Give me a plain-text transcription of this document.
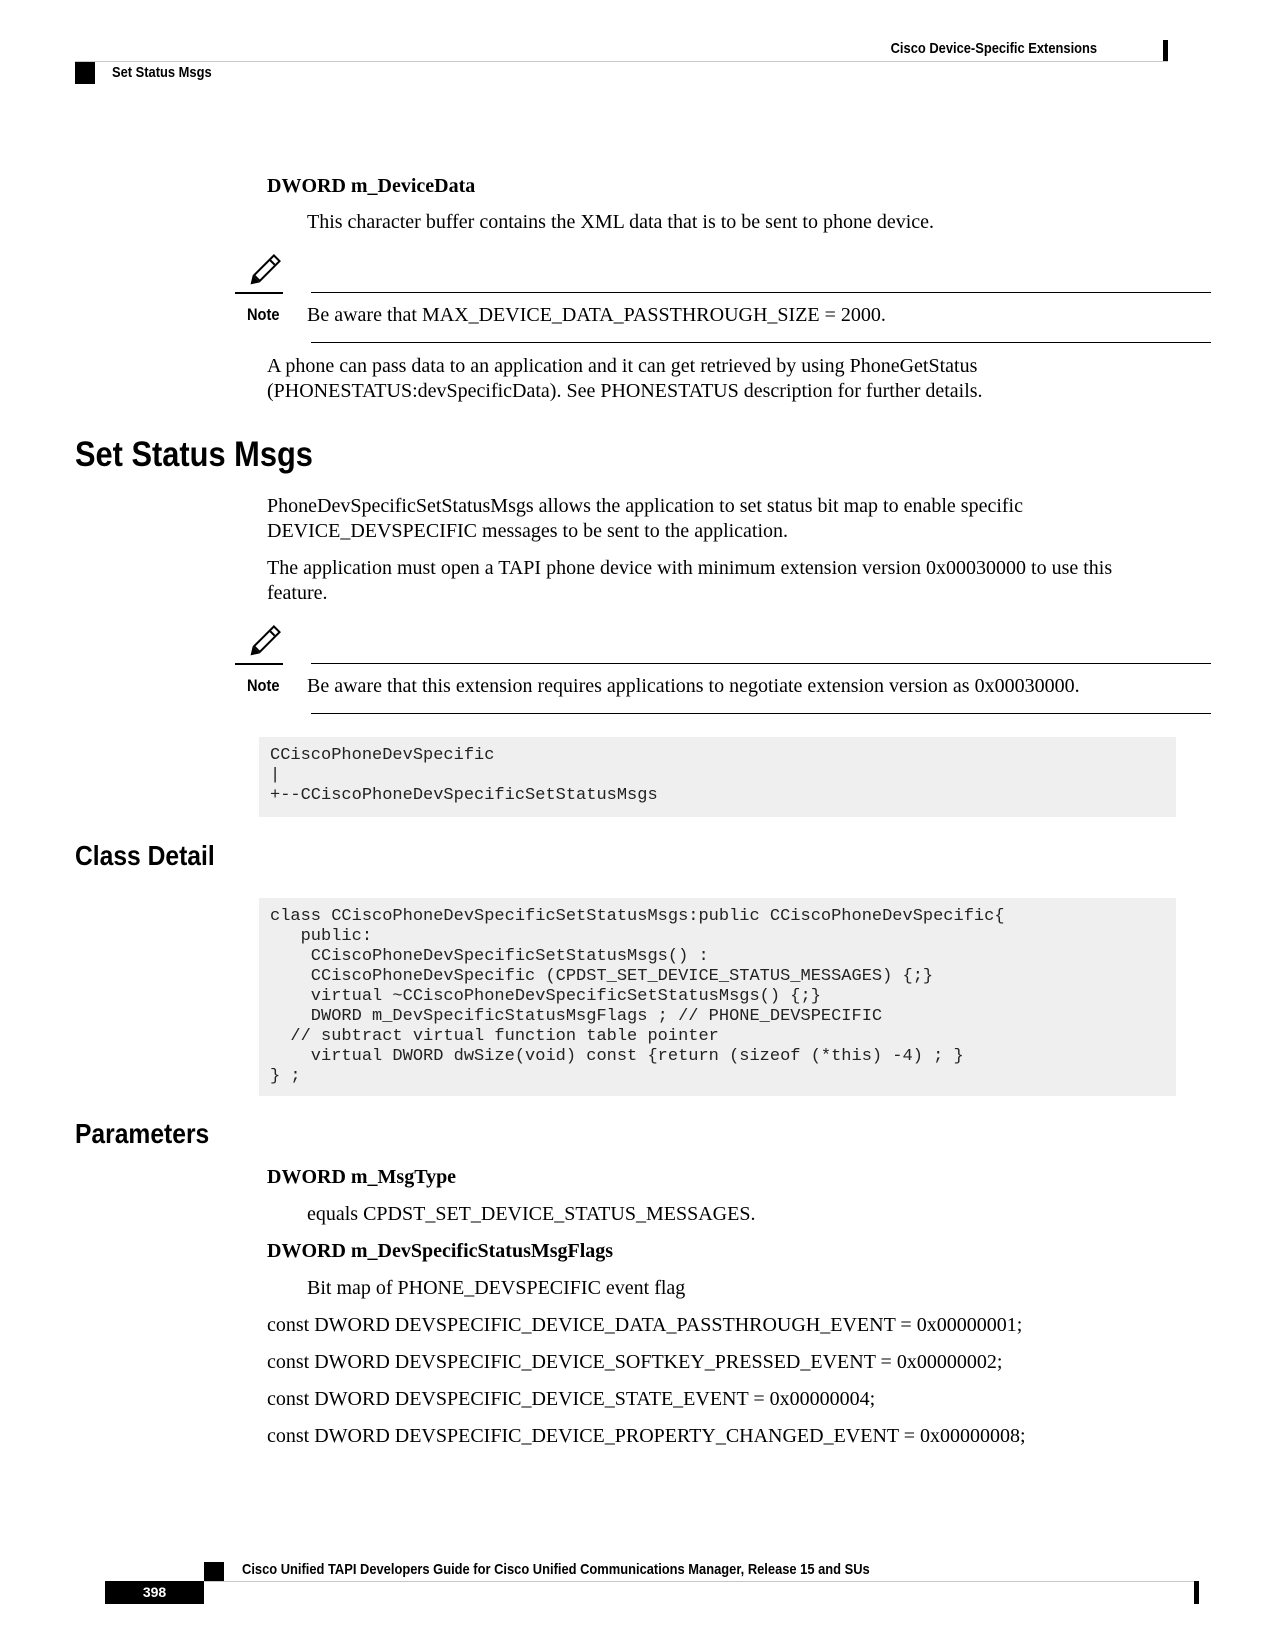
Cisco Device-Specific Extensions
Set Status Msgs
DWORD m_DeviceData
This character buffer contains the XML data that is to be sent to phone device.
Note Be aware that MAX_DEVICE_DATA_PASSTHROUGH_SIZE = 2000.
A phone can pass data to an application and it can get retrieved by using PhoneGetStatus
(PHONESTATUS:devSpecificData). See PHONESTATUS description for further details.
Set Status Msgs
PhoneDevSpecificSetStatusMsgs allows the application to set status bit map to enable specific
DEVICE_DEVSPECIFIC messages to be sent to the application.
The application must open a TAPI phone device with minimum extension version 0x00030000 to use this
feature.
Note Be aware that this extension requires applications to negotiate extension version as 0x00030000.
CCiscoPhoneDevSpecific
|
+--CCiscoPhoneDevSpecificSetStatusMsgs
Class Detail
class CCiscoPhoneDevSpecificSetStatusMsgs:public CCiscoPhoneDevSpecific{
public:
CCiscoPhoneDevSpecificSetStatusMsgs() :
CCiscoPhoneDevSpecific (CPDST_SET_DEVICE_STATUS_MESSAGES) {;}
virtual ~CCiscoPhoneDevSpecificSetStatusMsgs() {;}
DWORD m_DevSpecificStatusMsgFlags ; // PHONE_DEVSPECIFIC
// subtract virtual function table pointer
virtual DWORD dwSize(void) const {return (sizeof (*this) -4) ; }
} ;
Parameters
DWORD m_MsgType
equals CPDST_SET_DEVICE_STATUS_MESSAGES.
DWORD m_DevSpecificStatusMsgFlags
Bit map of PHONE_DEVSPECIFIC event flag
const DWORD DEVSPECIFIC_DEVICE_DATA_PASSTHROUGH_EVENT = 0x00000001;
const DWORD DEVSPECIFIC_DEVICE_SOFTKEY_PRESSED_EVENT = 0x00000002;
const DWORD DEVSPECIFIC_DEVICE_STATE_EVENT = 0x00000004;
const DWORD DEVSPECIFIC_DEVICE_PROPERTY_CHANGED_EVENT = 0x00000008;
Cisco Unified TAPI Developers Guide for Cisco Unified Communications Manager, Release 15 and SUs
398
